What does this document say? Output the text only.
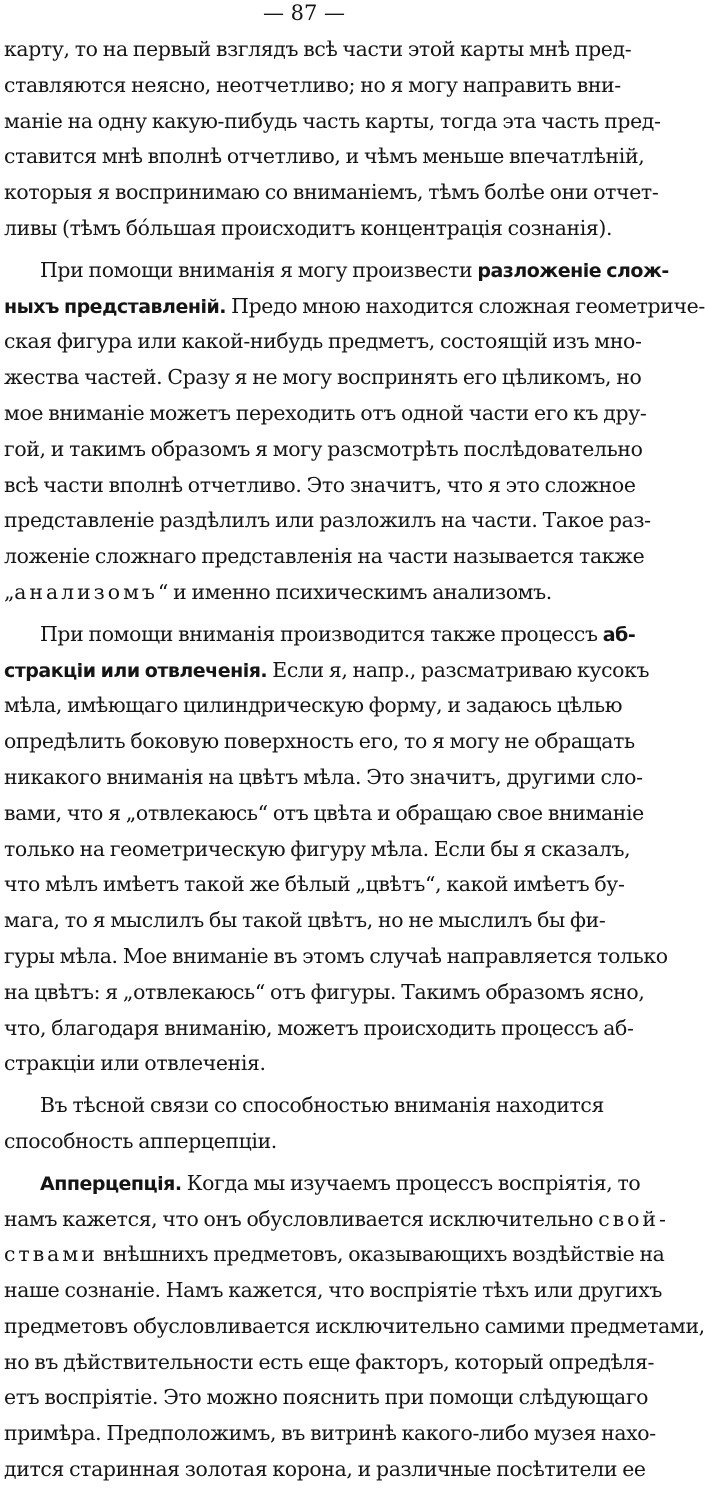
— 87 —
карту, то на первый взглядъ всѣ части этой карты мнѣ пред-
ставляются неясно, неотчетливо; но я могу направить вни-
манiе на одну какую-пибудь часть карты, тогда эта часть пред-
ставится мнѣ вполнѣ отчетливо, и чѣмъ меньше впечатлѣнiй,
которыя я воспринимаю со вниманiемъ, тѣмъ болѣе они отчет-
ливы (тѣмъ бóльшая происходитъ концентрацiя сознанiя).
При помощи вниманiя я могу произвести разложенiе слож-
ныхъ представленiй. Предо мною находится сложная геометриче-
ская фигура или какой-нибудь предметъ, состоящiй изъ мно-
жества частей. Сразу я не могу воспринять его цѣликомъ, но
мое вниманiе можетъ переходить отъ одной части его къ дру-
гой, и такимъ образомъ я могу разсмотрѣть послѣдовательно
всѣ части вполнѣ отчетливо. Это значитъ, что я это сложное
представленiе раздѣлилъ или разложилъ на части. Такое раз-
ложенiе сложнаго представленiя на части называется также
„анализомъ“ и именно психическимъ анализомъ.
При помощи вниманiя производится также процессъ аб-
стракцiи или отвлеченiя. Если я, напр., разсматриваю кусокъ
мѣла, имѣющаго цилиндрическую форму, и задаюсь цѣлью
опредѣлить боковую поверхность его, то я могу не обращать
никакого вниманiя на цвѣтъ мѣла. Это значитъ, другими сло-
вами, что я „отвлекаюсь“ отъ цвѣта и обращаю свое вниманiе
только на геометрическую фигуру мѣла. Если бы я сказалъ,
что мѣлъ имѣетъ такой же бѣлый „цвѣтъ“, какой имѣетъ бу-
мага, то я мыслилъ бы такой цвѣтъ, но не мыслилъ бы фи-
гуры мѣла. Мое вниманiе въ этомъ случаѣ направляется только
на цвѣтъ: я „отвлекаюсь“ отъ фигуры. Такимъ образомъ ясно,
что, благодаря вниманiю, можетъ происходить процессъ аб-
стракцiи или отвлеченiя.
Въ тѣсной связи со способностью вниманiя находится
способность апперцепцiи.
Апперцепцiя. Когда мы изучаемъ процессъ воспрiятiя, то
намъ кажется, что онъ обусловливается исключительно свой-
ствами внѣшнихъ предметовъ, оказывающихъ воздѣйствiе на
наше сознанiе. Намъ кажется, что воспрiятiе тѣхъ или другихъ
предметовъ обусловливается исключительно самими предметами,
но въ дѣйствительности есть еще факторъ, который опредѣля-
етъ воспрiятiе. Это можно пояснить при помощи слѣдующаго
примѣра. Предположимъ, въ витринѣ какого-либо музея нахо-
дится старинная золотая корона, и различные посѣтители ее
